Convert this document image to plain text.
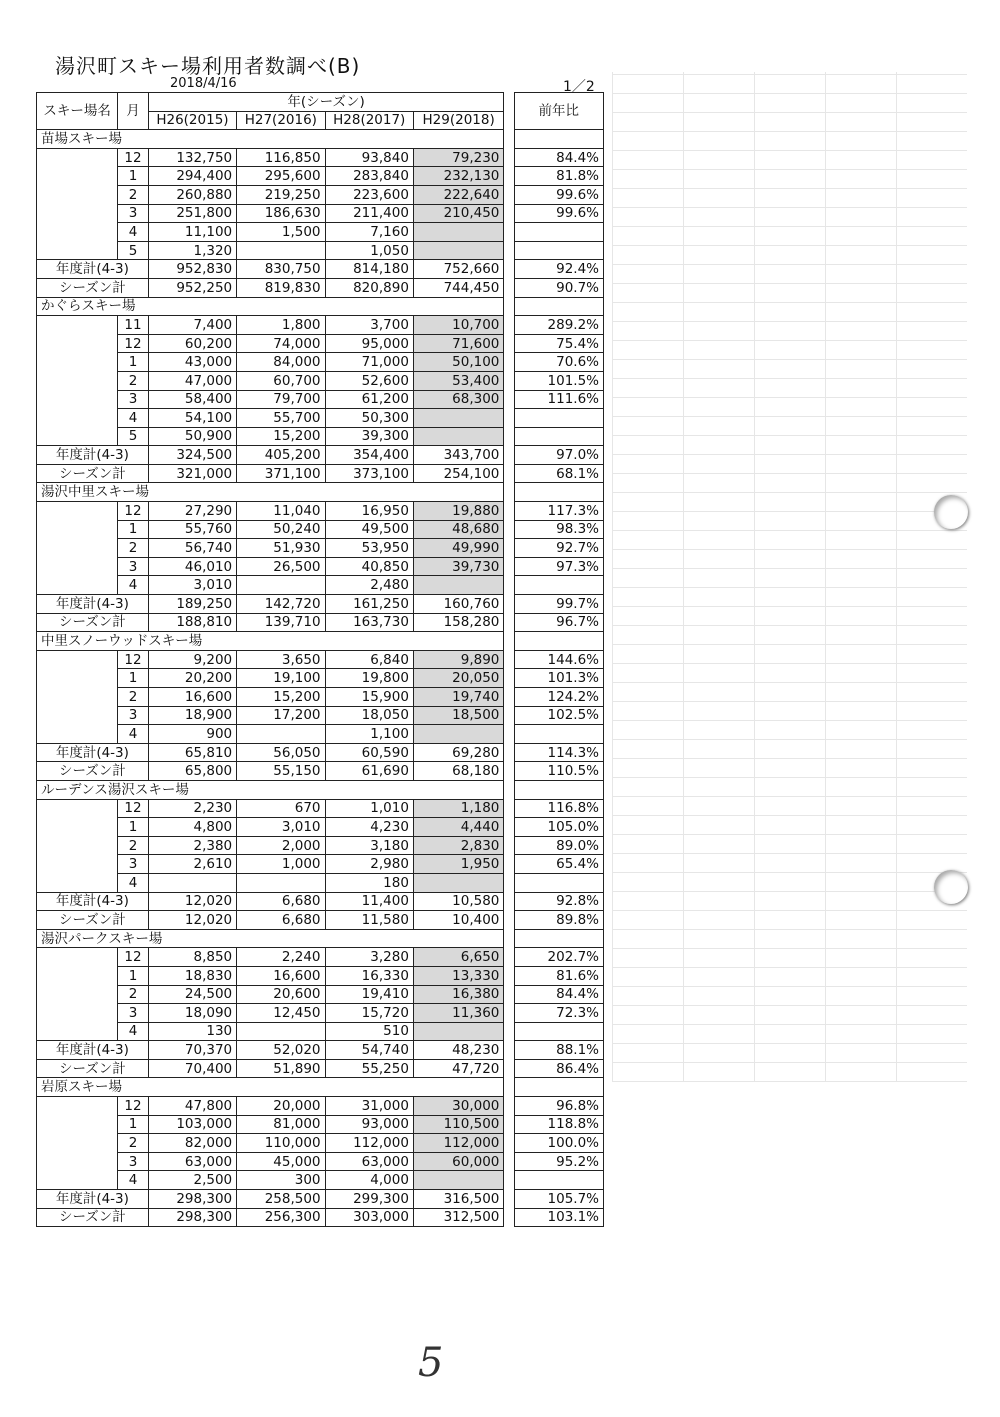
湯沢町スキー場利用者数調べ(B)
2018/4/16	1／2
スキー場名	月	年(シーズン)					前年比
		H26(2015)	H27(2016)	H28(2017)	H29(2018)		
苗場スキー場							
	12	132,750	116,850	93,840	79,230		84.4%
	1	294,400	295,600	283,840	232,130		81.8%
	2	260,880	219,250	223,600	222,640		99.6%
	3	251,800	186,630	211,400	210,450		99.6%
	4	11,100	1,500	7,160			
	5	1,320		1,050			
年度計(4-3)		952,830	830,750	814,180	752,660		92.4%
シーズン計		952,250	819,830	820,890	744,450		90.7%
かぐらスキー場							
	11	7,400	1,800	3,700	10,700		289.2%
	12	60,200	74,000	95,000	71,600		75.4%
	1	43,000	84,000	71,000	50,100		70.6%
	2	47,000	60,700	52,600	53,400		101.5%
	3	58,400	79,700	61,200	68,300		111.6%
	4	54,100	55,700	50,300			
	5	50,900	15,200	39,300			
年度計(4-3)		324,500	405,200	354,400	343,700		97.0%
シーズン計		321,000	371,100	373,100	254,100		68.1%
湯沢中里スキー場							
	12	27,290	11,040	16,950	19,880		117.3%
	1	55,760	50,240	49,500	48,680		98.3%
	2	56,740	51,930	53,950	49,990		92.7%
	3	46,010	26,500	40,850	39,730		97.3%
	4	3,010		2,480			
年度計(4-3)		189,250	142,720	161,250	160,760		99.7%
シーズン計		188,810	139,710	163,730	158,280		96.7%
中里スノーウッドスキー場							
	12	9,200	3,650	6,840	9,890		144.6%
	1	20,200	19,100	19,800	20,050		101.3%
	2	16,600	15,200	15,900	19,740		124.2%
	3	18,900	17,200	18,050	18,500		102.5%
	4	900		1,100			
年度計(4-3)		65,810	56,050	60,590	69,280		114.3%
シーズン計		65,800	55,150	61,690	68,180		110.5%
ルーデンス湯沢スキー場							
	12	2,230	670	1,010	1,180		116.8%
	1	4,800	3,010	4,230	4,440		105.0%
	2	2,380	2,000	3,180	2,830		89.0%
	3	2,610	1,000	2,980	1,950		65.4%
	4			180			
年度計(4-3)		12,020	6,680	11,400	10,580		92.8%
シーズン計		12,020	6,680	11,580	10,400		89.8%
湯沢パークスキー場							
	12	8,850	2,240	3,280	6,650		202.7%
	1	18,830	16,600	16,330	13,330		81.6%
	2	24,500	20,600	19,410	16,380		84.4%
	3	18,090	12,450	15,720	11,360		72.3%
	4	130		510			
年度計(4-3)		70,370	52,020	54,740	48,230		88.1%
シーズン計		70,400	51,890	55,250	47,720		86.4%
岩原スキー場							
	12	47,800	20,000	31,000	30,000		96.8%
	1	103,000	81,000	93,000	110,500		118.8%
	2	82,000	110,000	112,000	112,000		100.0%
	3	63,000	45,000	63,000	60,000		95.2%
	4	2,500	300	4,000			
年度計(4-3)		298,300	258,500	299,300	316,500		105.7%
シーズン計		298,300	256,300	303,000	312,500		103.1%
5
